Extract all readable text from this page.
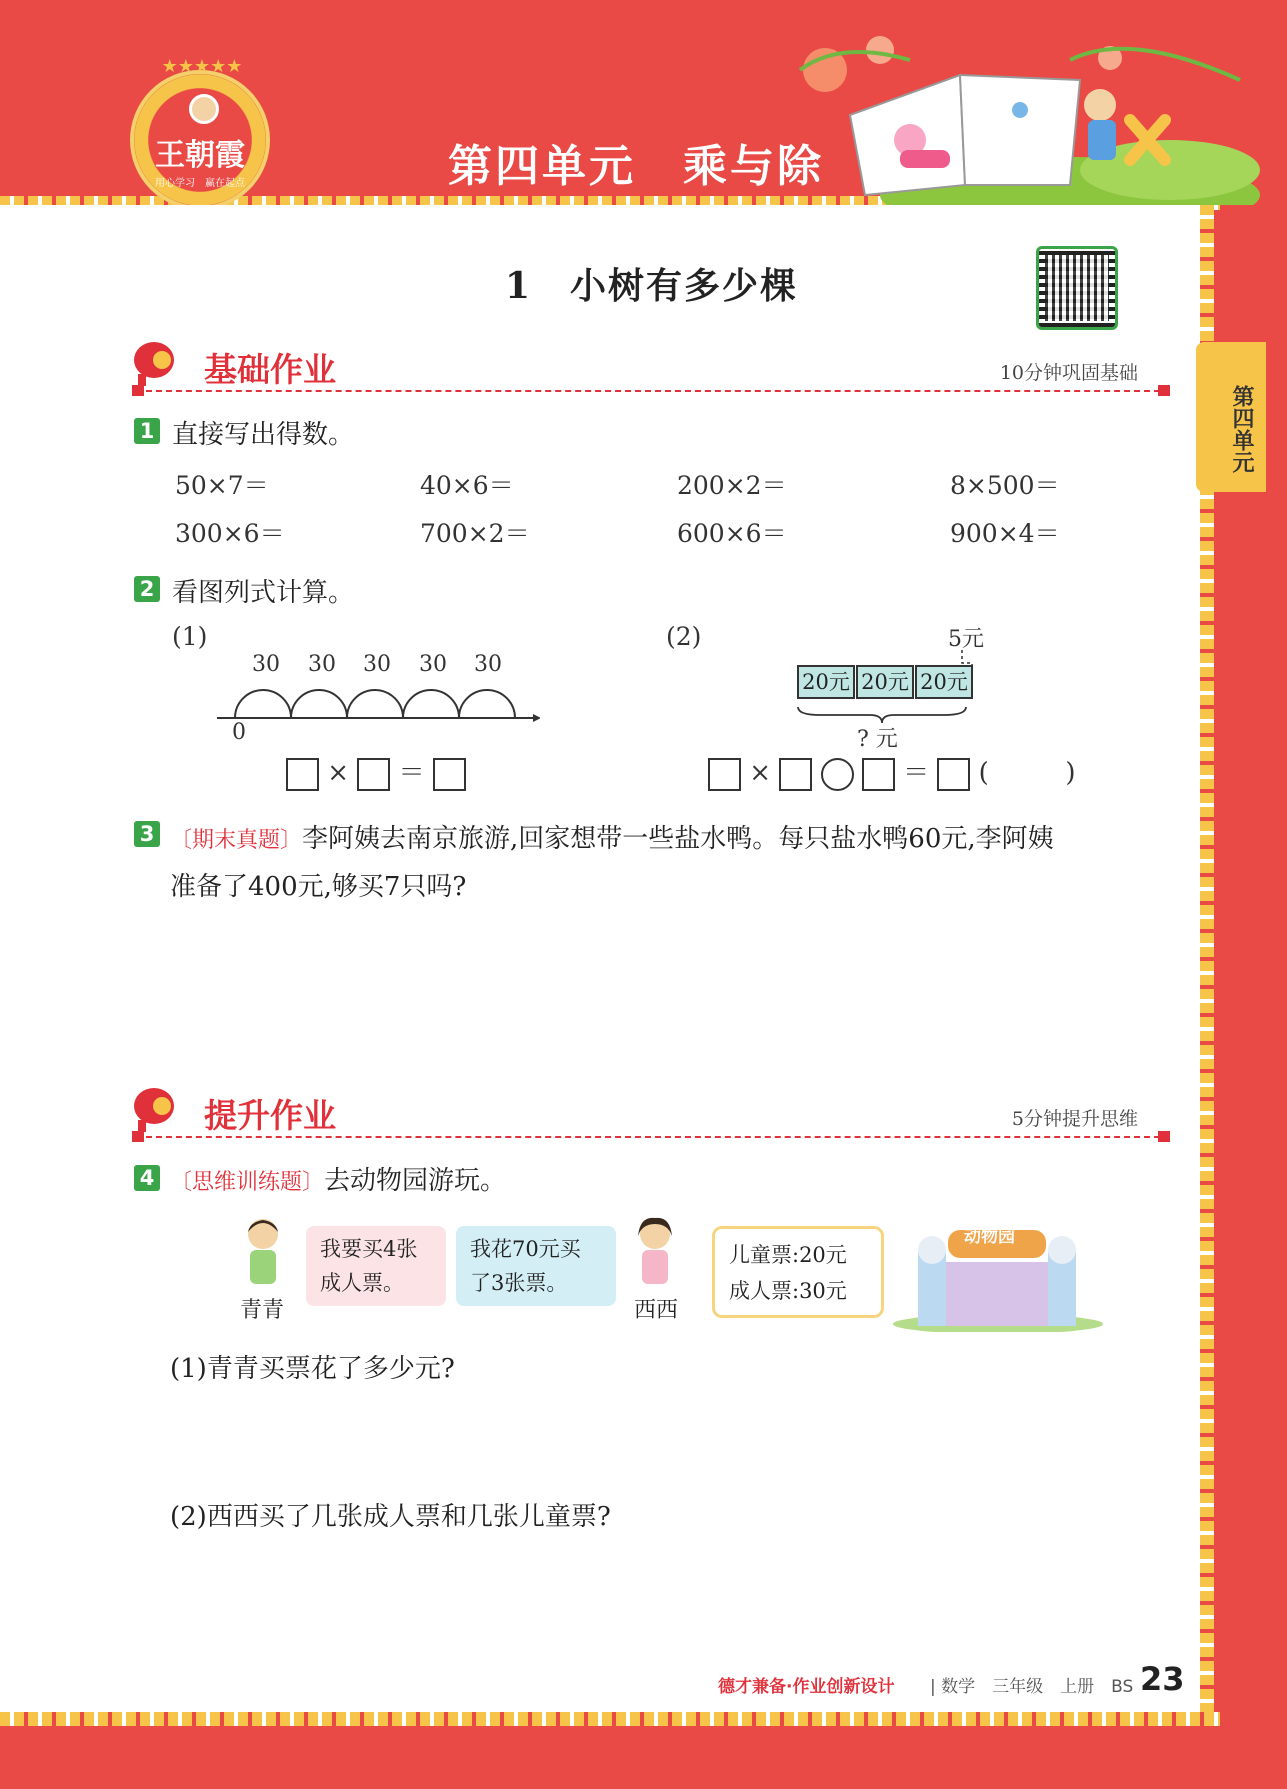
第四单元　乘与除
★★★★★
王朝霞
用心学习　赢在起点
第四单元
1　小树有多少棵
基础作业	10分钟巩固基础
1 直接写出得数。
50×7＝	40×6＝	200×2＝	8×500＝
300×6＝	700×2＝	600×6＝	900×4＝
2 看图列式计算。
(1)
30 30 30 30 30
0
× ＝
(2)	5元
20元 20元 20元
? 元
×	＝ (	)
3 〔期末真题〕李阿姨去南京旅游,回家想带一些盐水鸭。每只盐水鸭60元,李阿姨
准备了400元,够买7只吗?
提升作业	5分钟提升思维
4 〔思维训练题〕去动物园游玩。
青青
我要买4张
成人票。
我花70元买
了3张票。
西西
儿童票:20元
成人票:30元
动物园
(1)青青买票花了多少元?
(2)西西买了几张成人票和几张儿童票?
德才兼备·作业创新设计 | 数学　三年级　上册　BS 23
